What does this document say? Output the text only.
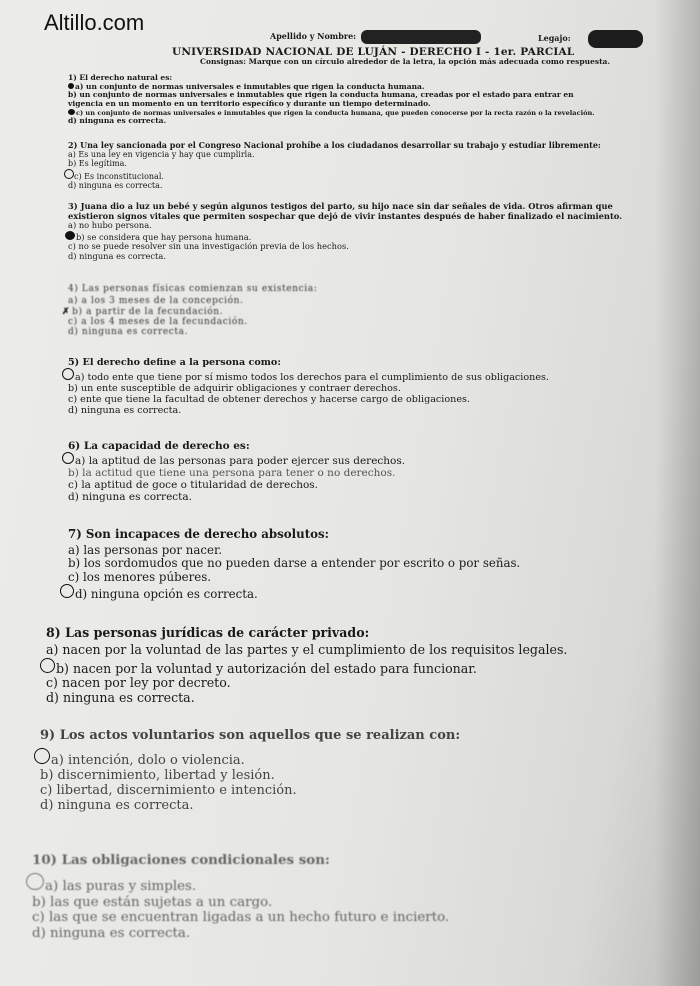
Altillo.com
Apellido y Nombre:	Legajo:
UNIVERSIDAD NACIONAL DE LUJÁN - DERECHO I - 1er. PARCIAL
Consignas: Marque con un círculo alrededor de la letra, la opción más adecuada como respuesta.
1) El derecho natural es:
a) un conjunto de normas universales e inmutables que rigen la conducta humana.
b) un conjunto de normas universales e inmutables que rigen la conducta humana, creadas por el estado para entrar en
vigencia en un momento en un territorio específico y durante un tiempo determinado.
c) un conjunto de normas universales e inmutables que rigen la conducta humana, que pueden conocerse por la recta razón o la revelación.
d) ninguna es correcta.
2) Una ley sancionada por el Congreso Nacional prohíbe a los ciudadanos desarrollar su trabajo y estudiar libremente:
a) Es una ley en vigencia y hay que cumplirla.
b) Es legítima.
c) Es inconstitucional.
d) ninguna es correcta.
3) Juana dio a luz un bebé y según algunos testigos del parto, su hijo nace sin dar señales de vida. Otros afirman que
existieron signos vitales que permiten sospechar que dejó de vivir instantes después de haber finalizado el nacimiento.
a) no hubo persona.
b) se considera que hay persona humana.
c) no se puede resolver sin una investigación previa de los hechos.
d) ninguna es correcta.
4) Las personas físicas comienzan su existencia:
a) a los 3 meses de la concepción.
✗ b) a partir de la fecundación.
c) a los 4 meses de la fecundación.
d) ninguna es correcta.
5) El derecho define a la persona como:
a) todo ente que tiene por sí mismo todos los derechos para el cumplimiento de sus obligaciones.
b) un ente susceptible de adquirir obligaciones y contraer derechos.
c) ente que tiene la facultad de obtener derechos y hacerse cargo de obligaciones.
d) ninguna es correcta.
6) La capacidad de derecho es:
a) la aptitud de las personas para poder ejercer sus derechos.
b) la actitud que tiene una persona para tener o no derechos.
c) la aptitud de goce o titularidad de derechos.
d) ninguna es correcta.
7) Son incapaces de derecho absolutos:
a) las personas por nacer.
b) los sordomudos que no pueden darse a entender por escrito o por señas.
c) los menores púberes.
d) ninguna opción es correcta.
8) Las personas jurídicas de carácter privado:
a) nacen por la voluntad de las partes y el cumplimiento de los requisitos legales.
b) nacen por la voluntad y autorización del estado para funcionar.
c) nacen por ley por decreto.
d) ninguna es correcta.
9) Los actos voluntarios son aquellos que se realizan con:
a) intención, dolo o violencia.
b) discernimiento, libertad y lesión.
c) libertad, discernimiento e intención.
d) ninguna es correcta.
10) Las obligaciones condicionales son:
a) las puras y simples.
b) las que están sujetas a un cargo.
c) las que se encuentran ligadas a un hecho futuro e incierto.
d) ninguna es correcta.
